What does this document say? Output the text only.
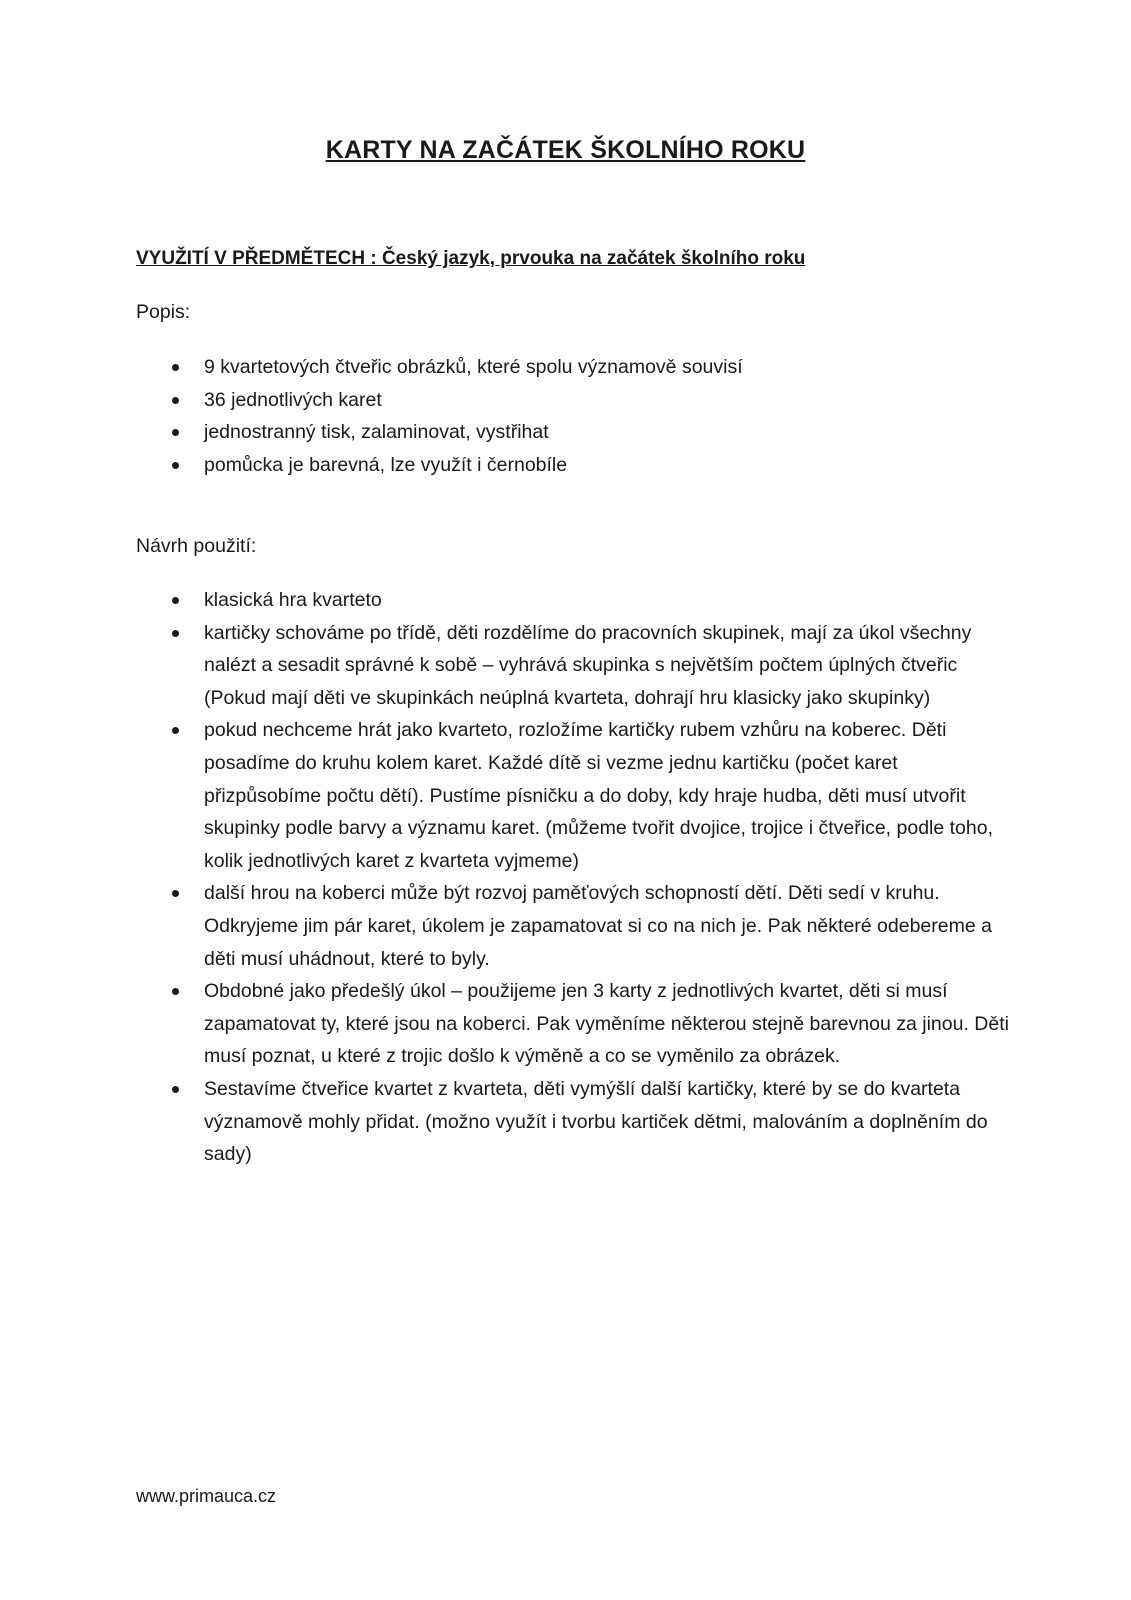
KARTY NA ZAČÁTEK ŠKOLNÍHO ROKU
VYUŽITÍ V PŘEDMĚTECH : Český jazyk, prvouka na začátek školního roku

Popis:

9 kvartetových čtveřic obrázků, které spolu významově souvisí
36 jednotlivých karet
jednostranný tisk, zalaminovat, vystřihat
pomůcka je barevná, lze využít i černobíle

Návrh použití:

klasická hra kvarteto
kartičky schováme po třídě, děti rozdělíme do pracovních skupinek, mají za úkol všechny nalézt a sesadit správné k sobě – vyhrává skupinka s největším počtem úplných čtveřic (Pokud mají děti ve skupinkách neúplná kvarteta, dohrají hru klasicky jako skupinky)
pokud nechceme hrát jako kvarteto, rozložíme kartičky rubem vzhůru na koberec. Děti posadíme do kruhu kolem karet. Každé dítě si vezme jednu kartičku (počet karet přizpůsobíme počtu dětí). Pustíme písničku a do doby, kdy hraje hudba, děti musí utvořit skupinky podle barvy a významu karet. (můžeme tvořit dvojice, trojice i čtveřice, podle toho, kolik jednotlivých karet z kvarteta vyjmeme)
další hrou na koberci může být rozvoj paměťových schopností dětí. Děti sedí v kruhu. Odkryjeme jim pár karet, úkolem je zapamatovat si co na nich je. Pak některé odebereme a děti musí uhádnout, které to byly.
Obdobné jako předešlý úkol – použijeme jen 3 karty z jednotlivých kvartet, děti si musí zapamatovat ty, které jsou na koberci. Pak vyměníme některou stejně barevnou za jinou. Děti musí poznat, u které z trojic došlo k výměně a co se vyměnilo za obrázek.
Sestavíme čtveřice kvartet z kvarteta, děti vymýšlí další kartičky, které by se do kvarteta významově mohly přidat. (možno využít i tvorbu kartiček dětmi, malováním a doplněním do sady)

www.primauca.cz
